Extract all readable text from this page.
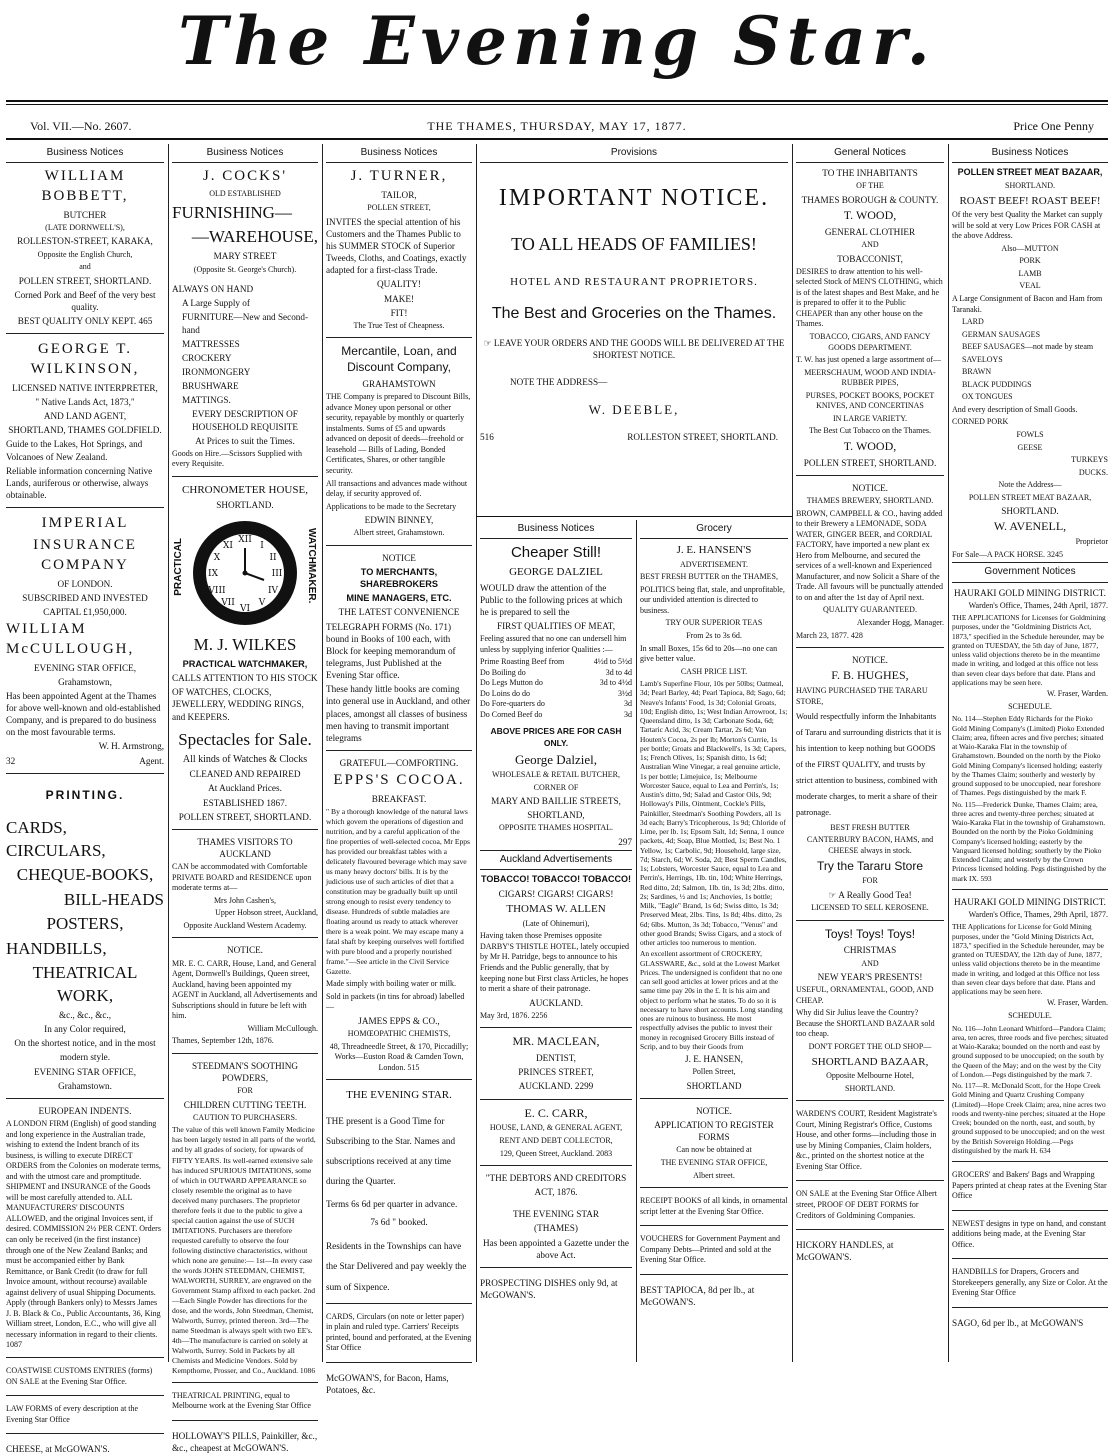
The Evening Star.
Vol. VII.—No. 2607.	THE THAMES, THURSDAY, MAY 17, 1877.	Price One Penny
Business Notices

WILLIAM BOBBETT,

BUTCHER

(LATE DORNWELL'S),

ROLLESTON-STREET, KARAKA,

Opposite the English Church,

and

POLLEN STREET, SHORTLAND.

Corned Pork and Beef of the very best quality.

BEST QUALITY ONLY KEPT. 465

GEORGE T. WILKINSON,

LICENSED NATIVE INTERPRETER,

" Native Lands Act, 1873,"

AND LAND AGENT,

SHORTLAND, THAMES GOLDFIELD.

Guide to the Lakes, Hot Springs, and Volcanoes of New Zealand.

Reliable information concerning Native Lands, auriferous or otherwise, always obtainable.

IMPERIAL

INSURANCE COMPANY

OF LONDON.

SUBSCRIBED AND INVESTED

CAPITAL £1,950,000.

WILLIAM McCULLOUGH,

EVENING STAR OFFICE,

Grahamstown,

Has been appointed Agent at the Thames for above well-known and old-established Company, and is prepared to do business on the most favourable terms.

W. H. Armstrong,

32	Agent.

PRINTING.

CARDS, CIRCULARS,

CHEQUE-BOOKS,

BILL-HEADS

POSTERS,

HANDBILLS,

THEATRICAL WORK,

&c., &c., &c.,

In any Color required,

On the shortest notice, and in the most

modern style.

EVENING STAR OFFICE,

Grahamstown.

EUROPEAN INDENTS.

A LONDON FIRM (English) of good standing and long experience in the Australian trade, wishing to extend the Indent branch of its business, is willing to execute DIRECT ORDERS from the Colonies on moderate terms, and with the utmost care and promptitude. SHIPMENT and INSURANCE of the Goods will be most carefully attended to. ALL MANUFACTURERS' DISCOUNTS ALLOWED, and the original Invoices sent, if desired. COMMISSION 2½ PER CENT. Orders can only be received (in the first instance) through one of the New Zealand Banks; and must be accompanied either by Bank Remittance, or Bank Credit (to draw for full Invoice amount, without recourse) available against delivery of usual Shipping Documents. Apply (through Bankers only) to Messrs James J. B. Black & Co., Public Accountants, 36, King William street, London, E.C., who will give all necessary information in regard to their clients. 1087

COASTWISE CUSTOMS ENTRIES (forms) ON SALE at the Evening Star Office.

LAW FORMS of every description at the Evening Star Office

CHEESE, at McGOWAN'S.

Business Notices

J. COCKS'

OLD ESTABLISHED

FURNISHING—

—WAREHOUSE,

MARY STREET

(Opposite St. George's Church).

ALWAYS ON HAND

A Large Supply of

FURNITURE—New and Second-hand

MATTRESSES

CROCKERY

IRONMONGERY

BRUSHWARE

MATTINGS.

EVERY DESCRIPTION OF HOUSEHOLD REQUISITE

At Prices to suit the Times.

Goods on Hire.—Scissors Supplied with every Requisite.

CHRONOMETER HOUSE,

SHORTLAND.

XII
III
VI
IX
I
II
IV
V
VII
VIII
X
XI
PRACTICAL	WATCHMAKER.

M. J. WILKES

PRACTICAL WATCHMAKER,

CALLS ATTENTION TO HIS STOCK

OF WATCHES, CLOCKS, JEWELLERY, WEDDING RINGS, and KEEPERS.

Spectacles for Sale.

All kinds of Watches & Clocks

CLEANED AND REPAIRED

At Auckland Prices.

ESTABLISHED 1867.

POLLEN STREET, SHORTLAND.

THAMES VISITORS TO AUCKLAND

CAN be accommodated with Comfortable PRIVATE BOARD and RESIDENCE upon moderate terms at—

Mrs John Cashen's,

Upper Hobson street, Auckland,

Opposite Auckland Western Academy.

NOTICE.

MR. E. C. CARR, House, Land, and General Agent, Dornwell's Buildings, Queen street, Auckland, having been appointed my AGENT in Auckland, all Advertisements and Subscriptions should in future be left with him.

William McCullough.

Thames, September 12th, 1876.

STEEDMAN'S SOOTHING POWDERS,

FOR

CHILDREN CUTTING TEETH.

CAUTION TO PURCHASERS.

The value of this well known Family Medicine has been largely tested in all parts of the world, and by all grades of society, for upwards of FIFTY YEARS. Its well-earned extensive sale has induced SPURIOUS IMITATIONS, some of which in OUTWARD APPEARANCE so closely resemble the original as to have deceived many purchasers. The proprietor therefore feels it due to the public to give a special caution against the use of SUCH IMITATIONS. Purchasers are therefore requested carefully to observe the four following distinctive characteristics, without which none are genuine:— 1st—In every case the words JOHN STEEDMAN, CHEMIST, WALWORTH, SURREY, are engraved on the Government Stamp affixed to each packet. 2nd—Each Single Powder has directions for the dose, and the words, John Steedman, Chemist, Walworth, Surrey, printed thereon. 3rd—The name Steedman is always spelt with two EE's. 4th—The manufacture is carried on solely at Walworth, Surrey. Sold in Packets by all Chemists and Medicine Vendors. Sold by Kempthorne, Prosser, and Co., Auckland. 1086

THEATRICAL PRINTING, equal to Melbourne work at the Evening Star Office

HOLLOWAY'S PILLS, Painkiller, &c., &c., cheapest at McGOWAN'S.

Business Notices

J. TURNER,

TAILOR,

POLLEN STREET,

INVITES the special attention of his Customers and the Thames Public to his SUMMER STOCK of Superior Tweeds, Cloths, and Coatings, exactly adapted for a first-class Trade.

QUALITY!

MAKE!

FIT!

The True Test of Cheapness.

Mercantile, Loan, and Discount Company,

GRAHAMSTOWN

THE Company is prepared to Discount Bills, advance Money upon personal or other security, repayable by monthly or quarterly instalments. Sums of £5 and upwards advanced on deposit of deeds—freehold or leasehold — Bills of Lading, Bonded Certificates, Shares, or other tangible security.

All transactions and advances made without delay, if security approved of.

Applications to be made to the Secretary

EDWIN BINNEY,

Albert street, Grahamstown.

NOTICE

TO MERCHANTS, SHAREBROKERS

MINE MANAGERS, ETC.

THE LATEST CONVENIENCE

TELEGRAPH FORMS (No. 171) bound in Books of 100 each, with Block for keeping memorandum of telegrams, Just Published at the Evening Star office.

These handy little books are coming into general use in Auckland, and other places, amongst all classes of business men having to transmit important telegrams

GRATEFUL—COMFORTING.

EPPS'S COCOA.

BREAKFAST.

" By a thorough knowledge of the natural laws which govern the operations of digestion and nutrition, and by a careful application of the fine properties of well-selected cocoa, Mr Epps has provided our breakfast tables with a delicately flavoured beverage which may save us many heavy doctors' bills. It is by the judicious use of such articles of diet that a constitution may be gradually built up until strong enough to resist every tendency to disease. Hundreds of subtle maladies are floating around us ready to attack wherever there is a weak point. We may escape many a fatal shaft by keeping ourselves well fortified with pure blood and a properly nourished frame."—See article in the Civil Service Gazette.

Made simply with boiling water or milk.

Sold in packets (in tins for abroad) labelled—

JAMES EPPS & CO.,

HOMŒOPATHIC CHEMISTS,

48, Threadneedle Street, & 170, Piccadilly; Works—Euston Road & Camden Town, London. 515

THE EVENING STAR.

THE present is a Good Time for Subscribing to the Star. Names and subscriptions received at any time during the Quarter.

Terms 6s 6d per quarter in advance.

7s 6d " booked.

Residents in the Townships can have the Star Delivered and pay weekly the sum of Sixpence.

CARDS, Circulars (on note or letter paper) in plain and ruled type. Carriers' Receipts printed, bound and perforated, at the Evening Star Office

McGOWAN'S, for Bacon, Hams, Potatoes, &c.

Provisions

IMPORTANT NOTICE.

TO ALL HEADS OF FAMILIES!

HOTEL AND RESTAURANT PROPRIETORS.

The Best and Groceries on the Thames.

☞ LEAVE YOUR ORDERS AND THE GOODS WILL BE DELIVERED AT THE SHORTEST NOTICE.

NOTE THE ADDRESS—

W. DEEBLE,

516	ROLLESTON STREET, SHORTLAND.

Business Notices

Cheaper Still!

GEORGE DALZIEL

WOULD draw the attention of the Public to the following prices at which he is prepared to sell the

FIRST QUALITIES OF MEAT,

Feeling assured that no one can undersell him unless by supplying inferior Qualities :—

Prime Roasting Beef from	4½d to 5½d
Do Boiling do	3d to 4d
Do Legs Mutton do	3d to 4½d
Do Loins do do	3½d
Do Fore-quarters do	3d
Do Corned Beef do	3d

ABOVE PRICES ARE FOR CASH ONLY.

George Dalziel,

WHOLESALE & RETAIL BUTCHER,

CORNER OF

MARY AND BAILLIE STREETS,

SHORTLAND,

OPPOSITE THAMES HOSPITAL.

297

Auckland Advertisements

TOBACCO! TOBACCO! TOBACCO!

CIGARS! CIGARS! CIGARS!

THOMAS W. ALLEN

(Late of Ohinemuri),

Having taken those Premises opposite DARBY'S THISTLE HOTEL, lately occupied by Mr H. Patridge, begs to announce to his Friends and the Public generally, that by keeping none but First class Articles, he hopes to merit a share of their patronage.

AUCKLAND.

May 3rd, 1876. 2256

MR. MACLEAN,

DENTIST,

PRINCES STREET,

AUCKLAND. 2299

E. C. CARR,

HOUSE, LAND, & GENERAL AGENT,

RENT AND DEBT COLLECTOR,

129, Queen Street, Auckland. 2083

"THE DEBTORS AND CREDITORS

ACT, 1876.

THE EVENING STAR

(THAMES)

Has been appointed a Gazette under the above Act.

PROSPECTING DISHES only 9d, at McGOWAN'S.

Grocery

J. E. HANSEN'S

ADVERTISEMENT.

BEST FRESH BUTTER on the THAMES,

POLITICS being flat, stale, and unprofitable, our undivided attention is directed to business.

TRY OUR SUPERIOR TEAS

From 2s to 3s 6d.

In small Boxes, 15s 6d to 20s—no one can give better value.

CASH PRICE LIST.

Lamb's Superfine Flour, 10s per 50lbs; Oatmeal, 3d; Pearl Barley, 4d; Pearl Tapioca, 8d; Sago, 6d; Neave's Infants' Food, 1s 3d; Colonial Groats, 10d; English ditto, 1s; West Indian Arrowroot, 1s; Queensland ditto, 1s 3d; Carbonate Soda, 6d; Tartaric Acid, 3s; Cream Tartar, 2s 6d; Van Houten's Cocoa, 2s per lb; Morton's Currie, 1s per bottle; Groats and Blackwell's, 1s 3d; Capers, 1s; French Olives, 1s; Spanish ditto, 1s 6d; Australian Wine Vinegar, a real genuine article, 1s per bottle; Limejuice, 1s; Melbourne Worcester Sauce, equal to Lea and Perrin's, 1s; Austin's ditto, 9d; Salad and Castor Oils, 9d; Holloway's Pills, Ointment, Cockle's Pills, Painkiller, Steedman's Soothing Powders, all 1s 3d each; Barry's Tricopherous, 1s 9d; Chloride of Lime, per lb. 1s; Epsom Salt, 1d; Senna, 1 ounce packets, 4d; Soap, Blue Mottled, 1s; Best No. 1 Yellow, 1s; Carbolic, 9d; Household, large size, 7d; Starch, 6d; W. Soda, 2d; Best Sperm Candles, 1s; Lobsters, Worcester Sauce, equal to Lea and Perrin's, Herrings, 1lb. tin, 10d; White Herrings, Red ditto, 2d; Salmon, 1lb. tin, 1s 3d; 2lbs. ditto, 2s; Sardines, ½ and 1s; Anchovies, 1s bottle; Milk, "Eagle" Brand, 1s 6d; Swiss ditto, 1s 3d; Preserved Meat, 2lbs. Tins, 1s 8d; 4lbs. ditto, 2s 6d; 6lbs. Mutton, 3s 3d; Tobacco, "Venus" and other good Brands; Swiss Cigars, and a stock of other articles too numerous to mention.

An excellent assortment of CROCKERY, GLASSWARE, &c., sold at the Lowest Market Prices. The undersigned is confident that no one can sell good articles at lower prices and at the same time pay 20s in the £. It is his aim and object to perform what he states. To do so it is necessary to have short accounts. Long standing ones are ruinous to business. He most respectfully advises the public to invest their money in recognised Grocery Bills instead of Scrip, and to buy their Goods from

J. E. HANSEN,

Pollen Street,

SHORTLAND

NOTICE.

APPLICATION TO REGISTER FORMS

Can now be obtained at

THE EVENING STAR OFFICE,

Albert street.

RECEIPT BOOKS of all kinds, in ornamental script letter at the Evening Star Office.

VOUCHERS for Government Payment and Company Debts—Printed and sold at the Evening Star Office.

BEST TAPIOCA, 8d per lb., at McGOWAN'S.

General Notices

TO THE INHABITANTS

OF THE

THAMES BOROUGH & COUNTY.

T. WOOD,

GENERAL CLOTHIER

AND

TOBACCONIST,

DESIRES to draw attention to his well-selected Stock of MEN'S CLOTHING, which is of the latest shapes and Best Make, and he is prepared to offer it to the Public CHEAPER than any other house on the Thames.

TOBACCO, CIGARS, AND FANCY GOODS DEPARTMENT.

T. W. has just opened a large assortment of—

MEERSCHAUM, WOOD AND INDIA-RUBBER PIPES,

PURSES, POCKET BOOKS, POCKET KNIVES, AND CONCERTINAS

IN LARGE VARIETY.

The Best Cut Tobacco on the Thames.

T. WOOD,

POLLEN STREET, SHORTLAND.

NOTICE.

THAMES BREWERY, SHORTLAND.

BROWN, CAMPBELL & CO., having added to their Brewery a LEMONADE, SODA WATER, GINGER BEER, and CORDIAL FACTORY, have imported a new plant ex Hero from Melbourne, and secured the services of a well-known and Experienced Manufacturer, and now Solicit a Share of the Trade. All favours will be punctually attended to on and after the 1st day of April next.

QUALITY GUARANTEED.

Alexander Hogg, Manager.

March 23, 1877. 428

NOTICE.

F. B. HUGHES,

HAVING PURCHASED THE TARARU STORE,

Would respectfully inform the Inhabitants of Tararu and surrounding districts that it is his intention to keep nothing but GOODS of the FIRST QUALITY, and trusts by strict attention to business, combined with moderate charges, to merit a share of their patronage.

BEST FRESH BUTTER

CANTERBURY BACON, HAMS, and CHEESE always in stock.

Try the Tararu Store

FOR

☞ A Really Good Tea!

LICENSED TO SELL KEROSENE.

Toys! Toys! Toys!

CHRISTMAS

AND

NEW YEAR'S PRESENTS!

USEFUL, ORNAMENTAL, GOOD, AND CHEAP.

Why did Sir Julius leave the Country? Because the SHORTLAND BAZAAR sold too cheap.

DON'T FORGET THE OLD SHOP—

SHORTLAND BAZAAR,

Opposite Melbourne Hotel,

SHORTLAND.

WARDEN'S COURT, Resident Magistrate's Court, Mining Registrar's Office, Customs House, and other forms—including those in use by Mining Companies, Claim holders, &c., printed on the shortest notice at the Evening Star Office.

ON SALE at the Evening Star Office Albert street, PROOF OF DEBT FORMS for Creditors of Goldmining Companies.

HICKORY HANDLES, at McGOWAN'S.

Business Notices

POLLEN STREET MEAT BAZAAR,

SHORTLAND.

ROAST BEEF! ROAST BEEF!

Of the very best Quality the Market can supply will be sold at very Low Prices FOR CASH at the above Address.

Also—MUTTON

PORK

LAMB

VEAL

A Large Consignment of Bacon and Ham from Taranaki.

LARD

GERMAN SAUSAGES

BEEF SAUSAGES—not made by steam

SAVELOYS

BRAWN

BLACK PUDDINGS

OX TONGUES

And every description of Small Goods.

CORNED PORK

FOWLS

GEESE

TURKEYS

DUCKS.

Note the Address—

POLLEN STREET MEAT BAZAAR,

SHORTLAND.

W. AVENELL,

Proprietor

For Sale—A PACK HORSE. 3245

Government Notices

HAURAKI GOLD MINING DISTRICT.

Warden's Office, Thames, 24th April, 1877.

THE APPLICATIONS for Licenses for Goldmining purposes, under the "Goldmining Districts Act, 1873," specified in the Schedule hereunder, may be granted on TUESDAY, the 5th day of June, 1877, unless valid objections thereto be in the meantime made in writing, and lodged at this office not less than seven clear days before that date. Plans and applications may be seen here.

W. Fraser, Warden.

SCHEDULE.

No. 114—Stephen Eddy Richards for the Pioko Gold Mining Company's (Limited) Pioko Extended Claim; area, fifteen acres and five perches; situated at Waio-Karaka Flat in the township of Grahamstown. Bounded on the north by the Pioko Gold Mining Company's licensed holding; easterly by the Thames Claim; southerly and westerly by ground supposed to be unoccupied, near foreshore of Thames. Pegs distinguished by the mark F.

No. 115—Frederick Dunke, Thames Claim; area, three acres and twenty-three perches; situated at Waio-Karaka Flat in the township of Grahamstown. Bounded on the north by the Pioko Goldmining Company's licensed holding; easterly by the Vanguard licensed holding; southerly by the Pioko Extended Claim; and westerly by the Crown Princess licensed holding. Pegs distinguished by the mark IX. 593

HAURAKI GOLD MINING DISTRICT.

Warden's Office, Thames, 29th April, 1877.

THE Applications for License for Gold Mining purposes, under the "Gold Mining Districts Act, 1873," specified in the Schedule hereunder, may be granted on TUESDAY, the 12th day of June, 1877, unless valid objections thereto be in the meantime made in writing, and lodged at this Office not less than seven clear days before that date. Plans and applications may be seen here.

W. Fraser, Warden.

SCHEDULE.

No. 116—John Leonard Whitford—Pandora Claim; area, ten acres, three roods and five perches; situated at Waio-Karaka; bounded on the north and east by ground supposed to be unoccupied; on the south by the Queen of the May; and on the west by the City of London.—Pegs distinguished by the mark 7.

No. 117—R. McDonald Scott, for the Hope Creek Gold Mining and Quartz Crushing Company (Limited)—Hope Creek Claim; area, nine acres two roods and twenty-nine perches; situated at the Hope Creek; bounded on the north, east, and south, by ground supposed to be unoccupied; and on the west by the British Sovereign Holding.—Pegs distinguished by the mark H. 634

GROCERS' and Bakers' Bags and Wrapping Papers printed at cheap rates at the Evening Star Office

NEWEST designs in type on hand, and constant additions being made, at the Evening Star Office.

HANDBILLS for Drapers, Grocers and Storekeepers generally, any Size or Color. At the Evening Star Office

SAGO, 6d per lb., at McGOWAN'S
